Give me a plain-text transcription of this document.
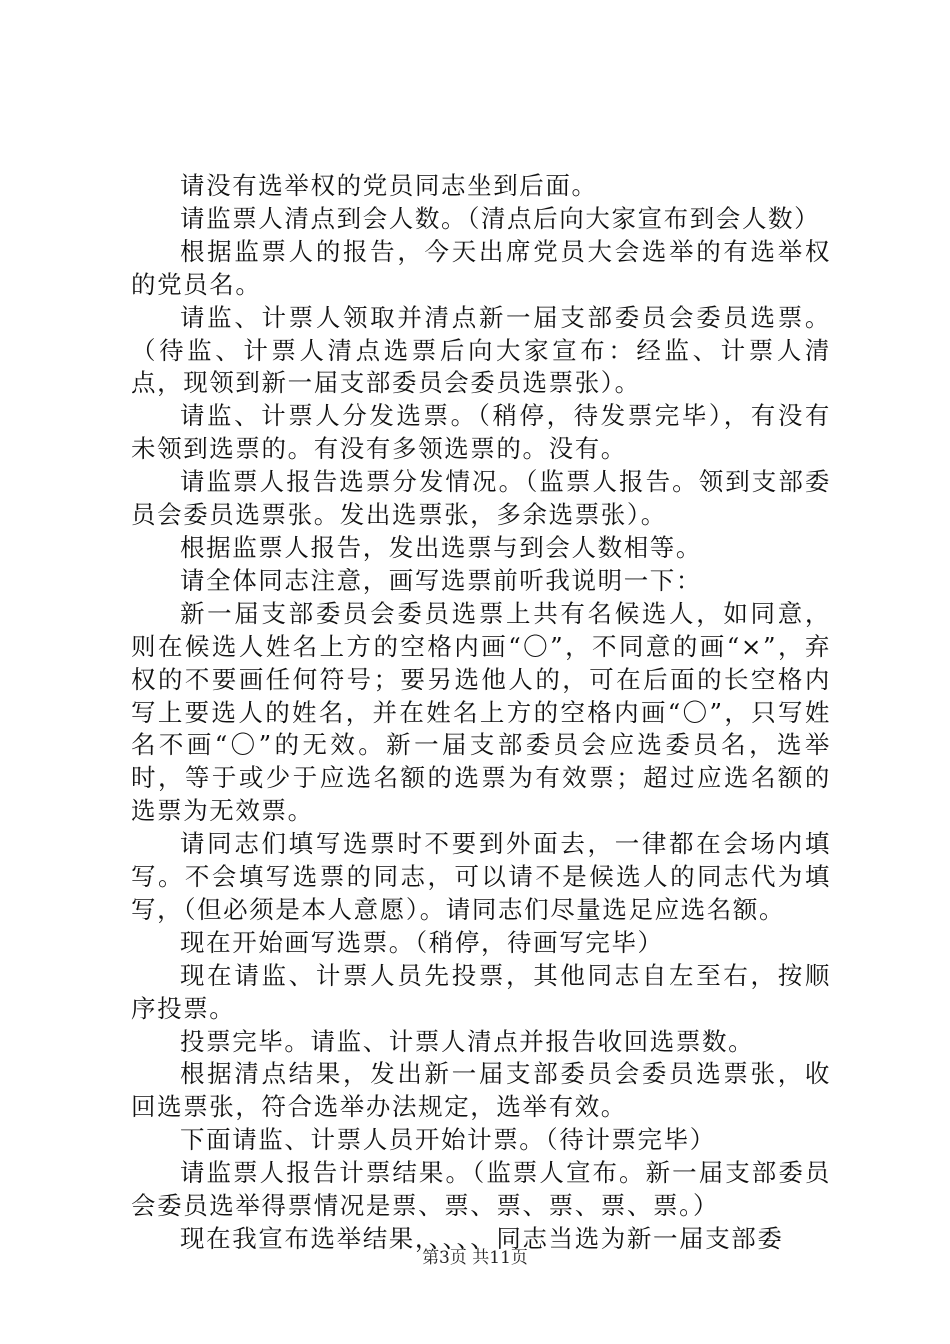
请没有选举权的党员同志坐到后面。

请监票人清点到会人数。（清点后向大家宣布到会人数）

根据监票人的报告，今天出席党员大会选举的有选举权的党员名。

请监、计票人领取并清点新一届支部委员会委员选票。（待监、计票人清点选票后向大家宣布：经监、计票人清点，现领到新一届支部委员会委员选票张）。

请监、计票人分发选票。（稍停，待发票完毕），有没有未领到选票的。有没有多领选票的。没有。

请监票人报告选票分发情况。（监票人报告。领到支部委员会委员选票张。发出选票张，多余选票张）。

根据监票人报告，发出选票与到会人数相等。

请全体同志注意，画写选票前听我说明一下：

新一届支部委员会委员选票上共有名候选人，如同意，则在候选人姓名上方的空格内画“〇”，不同意的画“×”，弃权的不要画任何符号；要另选他人的，可在后面的长空格内写上要选人的姓名，并在姓名上方的空格内画“〇”，只写姓名不画“〇”的无效。新一届支部委员会应选委员名，选举时，等于或少于应选名额的选票为有效票；超过应选名额的选票为无效票。

请同志们填写选票时不要到外面去，一律都在会场内填写。不会填写选票的同志，可以请不是候选人的同志代为填写，（但必须是本人意愿）。请同志们尽量选足应选名额。

现在开始画写选票。（稍停，待画写完毕）

现在请监、计票人员先投票，其他同志自左至右，按顺序投票。

投票完毕。请监、计票人清点并报告收回选票数。

根据清点结果，发出新一届支部委员会委员选票张，收回选票张，符合选举办法规定，选举有效。

下面请监、计票人员开始计票。（待计票完毕）

请监票人报告计票结果。（监票人宣布。新一届支部委员会委员选举得票情况是票、票、票、票、票、票。）

现在我宣布选举结果，、、、、同志当选为新一届支部委

第3页 共11页
